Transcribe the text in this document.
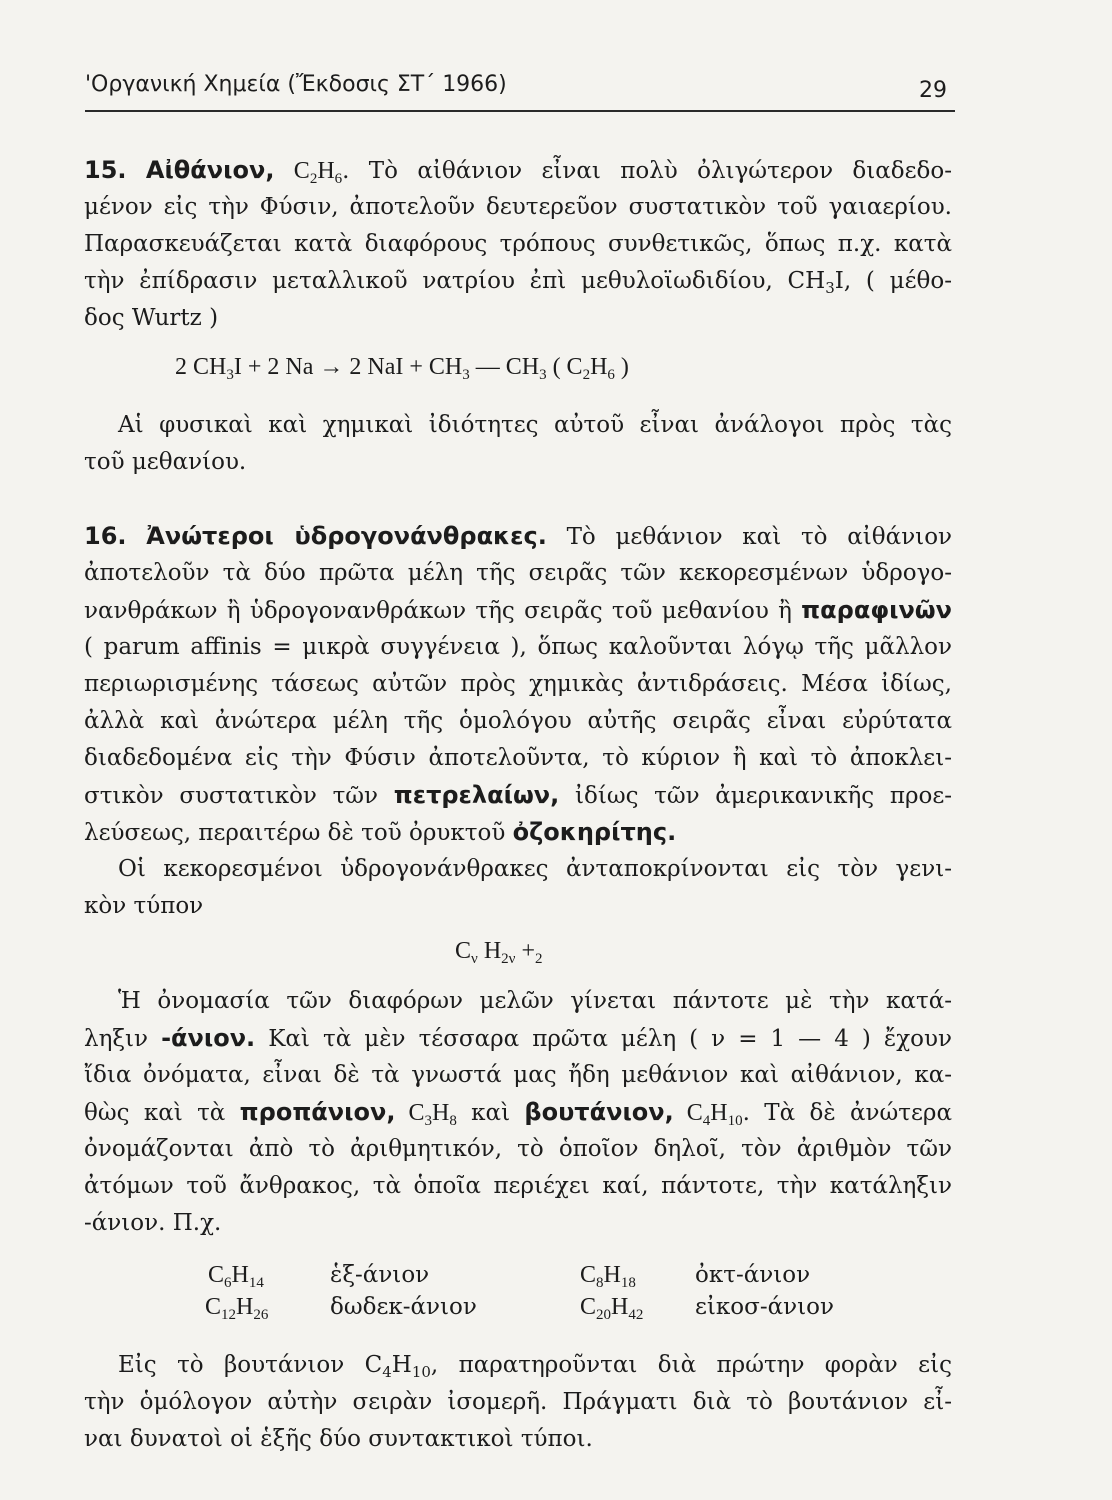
'Οργανική Χημεία (Ἔκδοσις ΣΤ΄ 1966)	29
15. Αἰθάνιον, $C_2H_6$. Τὸ αἰθάνιον εἶναι πολὺ ὀλιγώτερον διαδεδο-
μένον εἰς τὴν Φύσιν, ἀποτελοῦν δευτερεῦον συστατικὸν τοῦ γαιαερίου.
Παρασκευάζεται κατὰ διαφόρους τρόπους συνθετικῶς, ὅπως π.χ. κατὰ
τὴν ἐπίδρασιν μεταλλικοῦ νατρίου ἐπὶ μεθυλοϊωδιδίου, $CH_3I$, ( μέθο-
δος Wurtz )
2 $CH_3I + 2$ Na → 2 NaI + $CH_3$ — $CH_3$ ( $C_2H_6$ )
Αἱ φυσικαὶ καὶ χημικαὶ ἰδιότητες αὐτοῦ εἶναι ἀνάλογοι πρὸς τὰς
τοῦ μεθανίου.
16. Ἀνώτεροι ὑδρογονάνθρακες. Τὸ μεθάνιον καὶ τὸ αἰθάνιον
ἀποτελοῦν τὰ δύο πρῶτα μέλη τῆς σειρᾶς τῶν κεκορεσμένων ὑδρογο-
νανθράκων ἢ ὑδρογονανθράκων τῆς σειρᾶς τοῦ μεθανίου ἢ παραφινῶν
( parum affinis = μικρὰ συγγένεια ), ὅπως καλοῦνται λόγῳ τῆς μᾶλλον
περιωρισμένης τάσεως αὐτῶν πρὸς χημικὰς ἀντιδράσεις. Μέσα ἰδίως,
ἀλλὰ καὶ ἀνώτερα μέλη τῆς ὁμολόγου αὐτῆς σειρᾶς εἶναι εὐρύτατα
διαδεδομένα εἰς τὴν Φύσιν ἀποτελοῦντα, τὸ κύριον ἢ καὶ τὸ ἀποκλει-
στικὸν συστατικὸν τῶν πετρελαίων, ἰδίως τῶν ἀμερικανικῆς προε-
λεύσεως, περαιτέρω δὲ τοῦ ὀρυκτοῦ ὀζοκηρίτης.
Οἱ κεκορεσμένοι ὑδρογονάνθρακες ἀνταποκρίνονται εἰς τὸν γενι-
κὸν τύπον
$C_\nu$ $H_{2\nu} +_2$
Ἡ ὀνομασία τῶν διαφόρων μελῶν γίνεται πάντοτε μὲ τὴν κατά-
ληξιν -άνιον. Καὶ τὰ μὲν τέσσαρα πρῶτα μέλη ( ν = 1 — 4 ) ἔχουν
ἴδια ὀνόματα, εἶναι δὲ τὰ γνωστά μας ἤδη μεθάνιον καὶ αἰθάνιον, κα-
θὼς καὶ τὰ προπάνιον, $C_3H_8$ καὶ βουτάνιον, $C_4H_{10}$. Τὰ δὲ ἀνώτερα
ὀνομάζονται ἀπὸ τὸ ἀριθμητικόν, τὸ ὁποῖον δηλοῖ, τὸν ἀριθμὸν τῶν
ἀτόμων τοῦ ἄνθρακος, τὰ ὁποῖα περιέχει καί, πάντοτε, τὴν κατάληξιν
-άνιον. Π.χ.
$C_6H_{14}$	ἑξ-άνιον	$C_8H_{18}$	ὀκτ-άνιον
$C_{12}H_{26}$	δωδεκ-άνιον	$C_{20}H_{42}$ εἰκοσ-άνιον
Εἰς τὸ βουτάνιον $C_4H_{10}$, παρατηροῦνται διὰ πρώτην φορὰν εἰς
τὴν ὁμόλογον αὐτὴν σειρὰν ἰσομερῆ. Πράγματι διὰ τὸ βουτάνιον εἶ-
ναι δυνατοὶ οἱ ἑξῆς δύο συντακτικοὶ τύποι.
